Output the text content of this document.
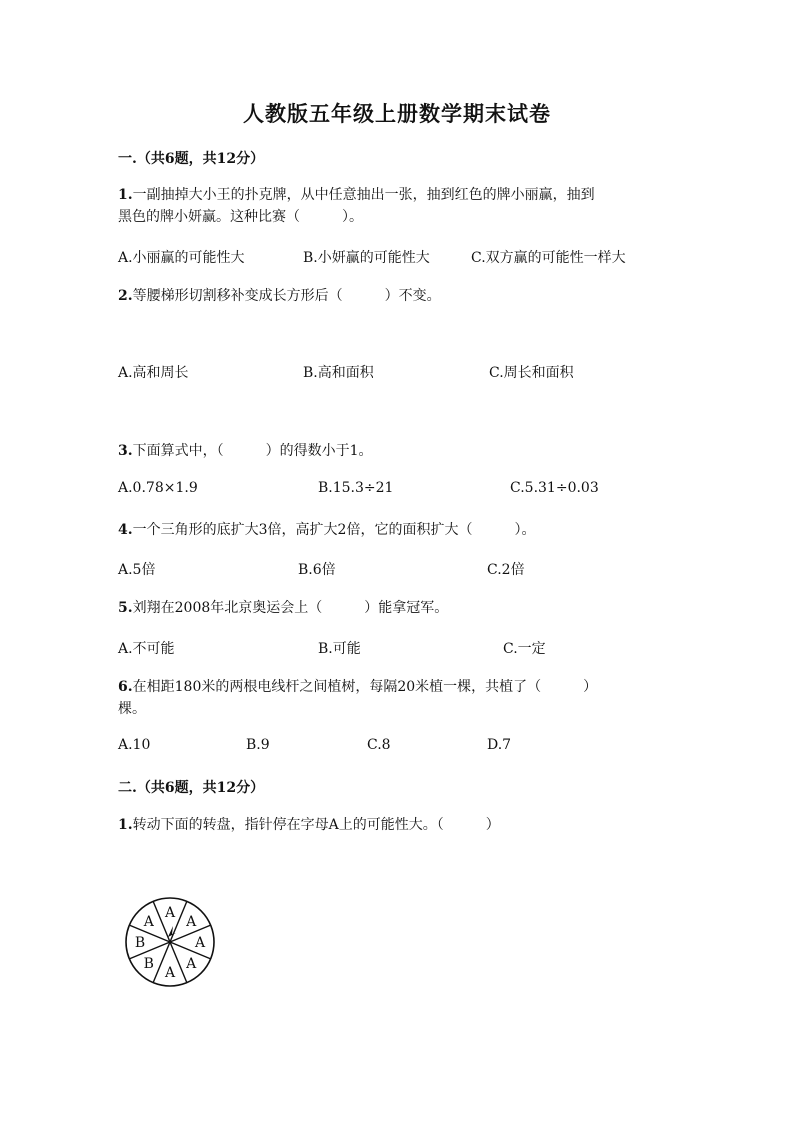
人教版五年级上册数学期末试卷
一.（共6题，共12分）
1.一副抽掉大小王的扑克牌，从中任意抽出一张，抽到红色的牌小丽赢，抽到
黑色的牌小妍赢。这种比赛（　　　）。
A.小丽赢的可能性大	B.小妍赢的可能性大	C.双方赢的可能性一样大
2.等腰梯形切割移补变成长方形后（　　　）不变。
A.高和周长	B.高和面积	C.周长和面积
3.下面算式中，（　　　）的得数小于1。
A.0.78×1.9	B.15.3÷21	C.5.31÷0.03
4.一个三角形的底扩大3倍，高扩大2倍，它的面积扩大（　　　）。
A.5倍	B.6倍	C.2倍
5.刘翔在2008年北京奥运会上（　　　）能拿冠军。
A.不可能	B.可能	C.一定
6.在相距180米的两根电线杆之间植树，每隔20米植一棵，共植了（　　　）
棵。
A.10	B.9	C.8	D.7
二.（共6题，共12分）
1.转动下面的转盘，指针停在字母A上的可能性大。（　　　）
A
A
A
A
A
B
B
A
